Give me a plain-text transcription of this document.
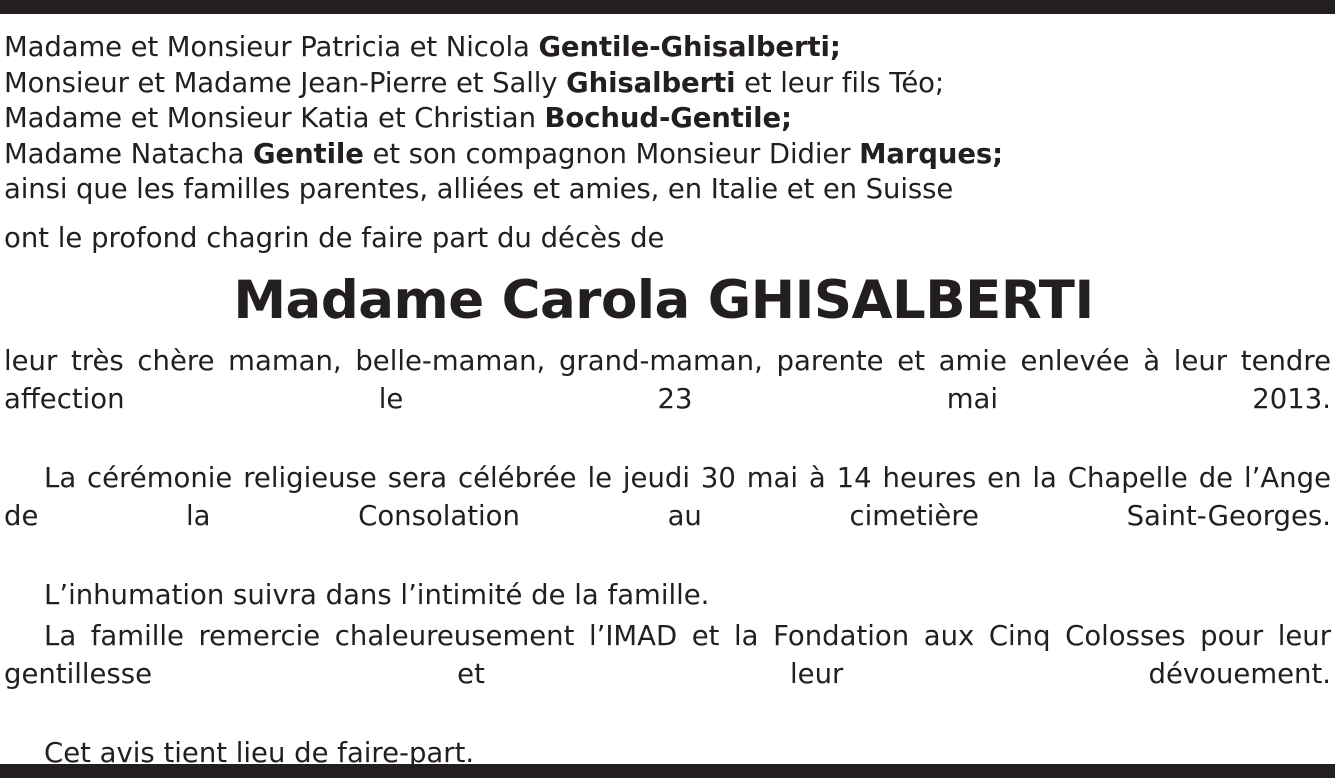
Madame et Monsieur Patricia et Nicola Gentile-Ghisalberti;
Monsieur et Madame Jean-Pierre et Sally Ghisalberti et leur fils Téo;
Madame et Monsieur Katia et Christian Bochud-Gentile;
Madame Natacha Gentile et son compagnon Monsieur Didier Marques;
ainsi que les familles parentes, alliées et amies, en Italie et en Suisse
ont le profond chagrin de faire part du décès de
Madame Carola GHISALBERTI

leur très chère maman, belle-maman, grand-maman, parente et amie enlevée à leur tendre affection le 23 mai 2013.

La cérémonie religieuse sera célébrée le jeudi 30 mai à 14 heures en la Chapelle de l’Ange de la Consolation au cimetière Saint-Georges.

L’inhumation suivra dans l’intimité de la famille.

La famille remercie chaleureusement l’IMAD et la Fondation aux Cinq Colosses pour leur gentillesse et leur dévouement.

Cet avis tient lieu de faire-part.
